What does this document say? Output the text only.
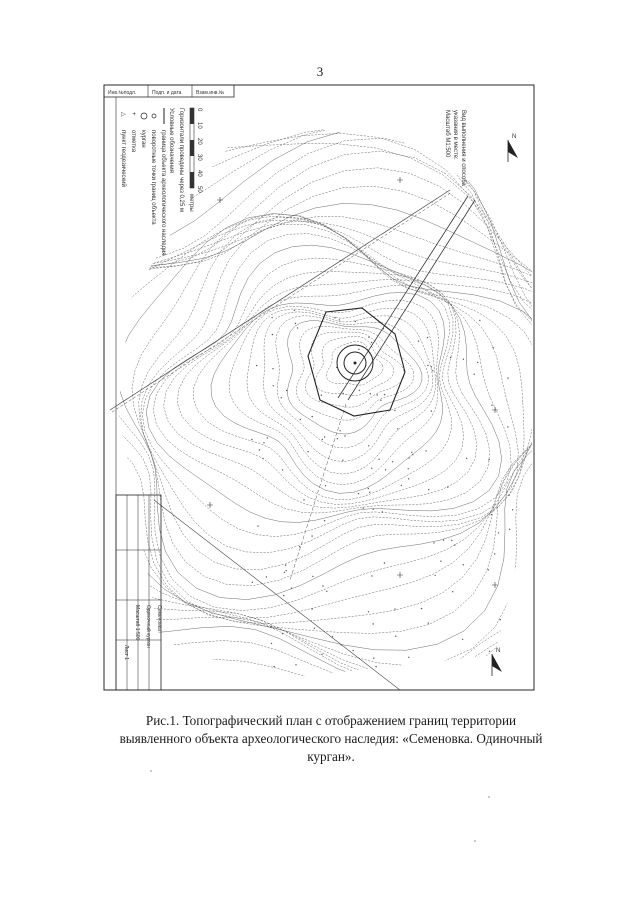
3
Инв.№подл.	Подп. и дата	Взам.инв.№
Вид выполнения и способа
указания в месте:
Масштаб М1:500	N
N
0
10
20
30
40
50
метры
Горизонтали проведены через 0,25 м
Условные обозначения
граница объекта археологического наследия
поворотные точки границ объекта
курган
+
отметка
△
пункт геодезический
Семеновка
Одиночный курган
Масштаб 1:500
Лист 1
Рис.1. Топографический план с отображением границ территории
выявленного объекта археологического наследия: «Семеновка. Одиночный
курган».
